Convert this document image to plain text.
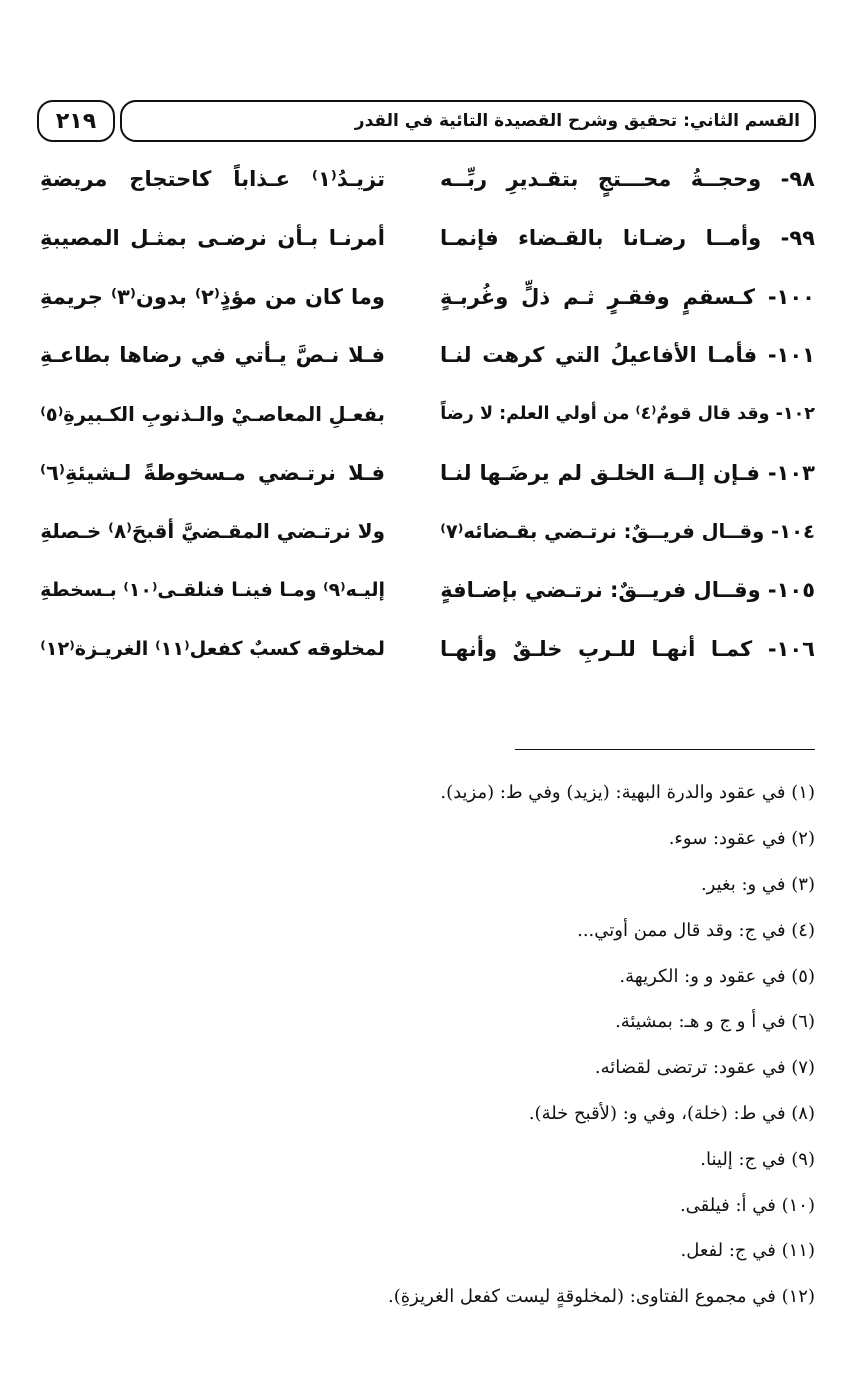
٢١٩	القسم الثاني: تحقيق وشرح القصيدة التائية في القدر
٩٨- وحجــةُ محـــتجٍ بتقـديرِ ربِّــه
تزيـدُ⁽١⁾ عـذاباً كاحتجاج مريضةِ
٩٩- وأمــا رضـانا بالقـضاء فإنمـا
أمرنـا بـأن نرضـى بمثـل المصيبةِ
١٠٠- كـسقمٍ وفقـرٍ ثـم ذلٍّ وغُربـةٍ
وما كان من مؤذٍ⁽٢⁾ بدون⁽٣⁾ جريمةِ
١٠١- فأمـا الأفاعيلُ التي كرهت لنـا
فـلا نـصَّ يـأتي في رضاها بطاعـةِ
١٠٢- وقد قال قومٌ⁽٤⁾ من أولي العلم: لا رضاً
بفعـلِ المعاصـيْ والـذنوبِ الكـبيرةِ⁽٥⁾
١٠٣- فـإن إلــهَ الخلـق لم يرضَـها لنـا
فـلا نرتـضي مـسخوطةً لـشيئةِ⁽٦⁾
١٠٤- وقــال فريــقٌ: نرتـضي بقـضائه⁽٧⁾
ولا نرتـضي المقـضيَّ أقبحَ⁽٨⁾ خـصلةِ
١٠٥- وقــال فريــقٌ: نرتـضي بإضـافةٍ
إليـه⁽٩⁾ ومـا فينـا فنلقـى⁽١٠⁾ بـسخطةِ
١٠٦- كمـا أنهـا للـربِ خلـقٌ وأنهـا
لمخلوقه كسبٌ كفعل⁽١١⁾ الغريـزة⁽١٢⁾
(١) في عقود والدرة البهية: (يزيد) وفي ط: (مزيد).
(٢) في عقود: سوء.
(٣) في و: بغير.
(٤) في ج: وقد قال ممن أوتي...
(٥) في عقود و و: الكريهة.
(٦) في أ و ج و هـ: بمشيئة.
(٧) في عقود: ترتضى لقضائه.
(٨) في ط: (خلة)، وفي و: (لأقبح خلة).
(٩) في ج: إلينا.
(١٠) في أ: فيلقى.
(١١) في ج: لفعل.
(١٢) في مجموع الفتاوى: (لمخلوقةٍ ليست كفعل الغريزةِ).
